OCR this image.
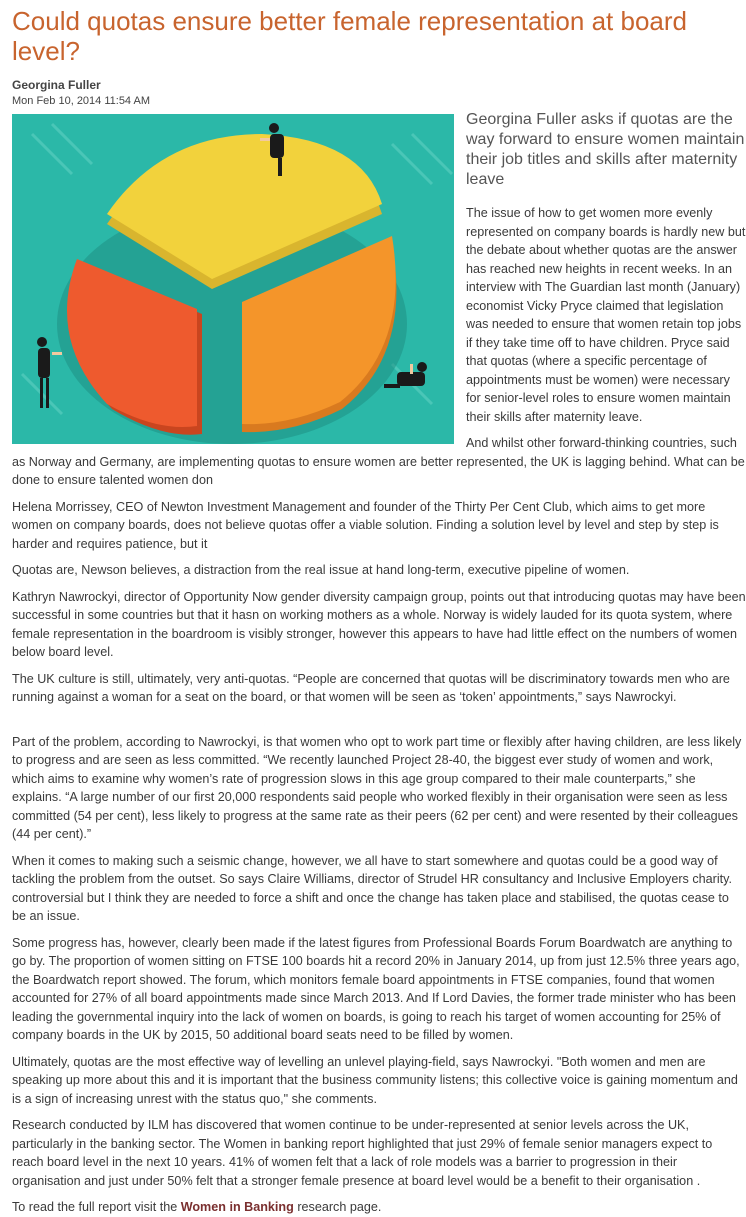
Could quotas ensure better female representation at board level?
Georgina Fuller
Mon Feb 10, 2014 11:54 AM
Georgina Fuller asks if quotas are the way forward to ensure women maintain their job titles and skills after maternity leave

The issue of how to get women more evenly represented on company boards is hardly new but the debate about whether quotas are the answer has reached new heights in recent weeks. In an interview with The Guardian last month (January) economist Vicky Pryce claimed that legislation was needed to ensure that women retain top jobs if they take time off to have children. Pryce said that quotas (where a specific percentage of appointments must be women) were necessary for senior-level roles to ensure women maintain their skills after maternity leave.

And whilst other forward-thinking countries, such as Norway and Germany, are implementing quotas to ensure women are better represented, the UK is lagging behind. What can be done to ensure talented women don

Helena Morrissey, CEO of Newton Investment Management and founder of the Thirty Per Cent Club, which aims to get more women on company boards, does not believe quotas offer a viable solution. Finding a solution level by level and step by step is harder and requires patience, but it

Quotas are, Newson believes, a distraction from the real issue at hand long-term, executive pipeline of women.

Kathryn Nawrockyi, director of Opportunity Now gender diversity campaign group, points out that introducing quotas may have been successful in some countries but that it hasn on working mothers as a whole. Norway is widely lauded for its quota system, where female representation in the boardroom is visibly stronger, however this appears to have had little effect on the numbers of women below board level.

The UK culture is still, ultimately, very anti-quotas. “People are concerned that quotas will be discriminatory towards men who are running against a woman for a seat on the board, or that women will be seen as ‘token’ appointments,” says Nawrockyi.

Part of the problem, according to Nawrockyi, is that women who opt to work part time or flexibly after having children, are less likely to progress and are seen as less committed. “We recently launched Project 28-40, the biggest ever study of women and work, which aims to examine why women’s rate of progression slows in this age group compared to their male counterparts,” she explains. “A large number of our first 20,000 respondents said people who worked flexibly in their organisation were seen as less committed (54 per cent), less likely to progress at the same rate as their peers (62 per cent) and were resented by their colleagues (44 per cent).”

When it comes to making such a seismic change, however, we all have to start somewhere and quotas could be a good way of tackling the problem from the outset. So says Claire Williams, director of Strudel HR consultancy and Inclusive Employers charity. controversial but I think they are needed to force a shift and once the change has taken place and stabilised, the quotas cease to be an issue.

Some progress has, however, clearly been made if the latest figures from Professional Boards Forum Boardwatch are anything to go by. The proportion of women sitting on FTSE 100 boards hit a record 20% in January 2014, up from just 12.5% three years ago, the Boardwatch report showed. The forum, which monitors female board appointments in FTSE companies, found that women accounted for 27% of all board appointments made since March 2013. And If Lord Davies, the former trade minister who has been leading the governmental inquiry into the lack of women on boards, is going to reach his target of women accounting for 25% of company boards in the UK by 2015, 50 additional board seats need to be filled by women.

Ultimately, quotas are the most effective way of levelling an unlevel playing-field, says Nawrockyi. "Both women and men are speaking up more about this and it is important that the business community listens; this collective voice is gaining momentum and is a sign of increasing unrest with the status quo," she comments.

Research conducted by ILM has discovered that women continue to be under-represented at senior levels across the UK, particularly in the banking sector. The Women in banking report highlighted that just 29% of female senior managers expect to reach board level in the next 10 years. 41% of women felt that a lack of role models was a barrier to progression in their organisation and just under 50% felt that a stronger female presence at board level would be a benefit to their organisation .

To read the full report visit the Women in Banking research page.
